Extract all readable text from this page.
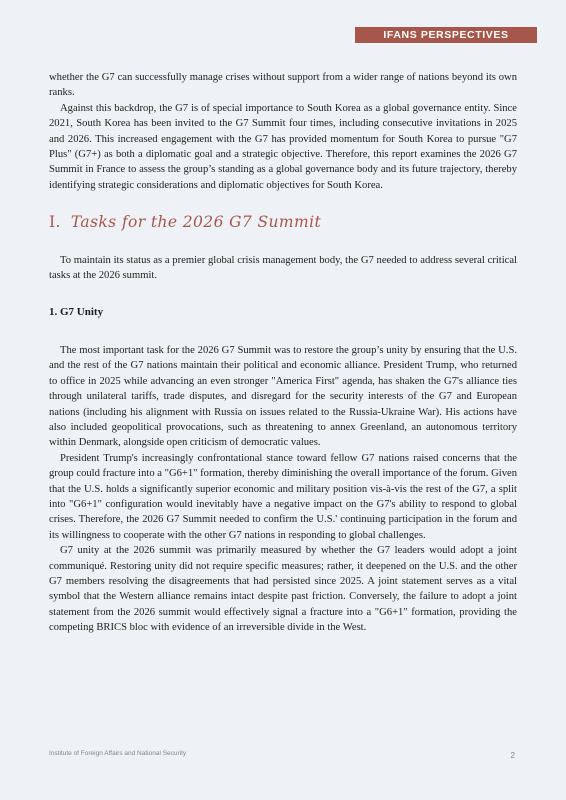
IFANS PERSPECTIVES

whether the G7 can successfully manage crises without support from a wider range of nations beyond its own ranks.

Against this backdrop, the G7 is of special importance to South Korea as a global governance entity. Since 2021, South Korea has been invited to the G7 Summit four times, including consecutive invitations in 2025 and 2026. This increased engagement with the G7 has provided momentum for South Korea to pursue "G7 Plus" (G7+) as both a diplomatic goal and a strategic objective. Therefore, this report examines the 2026 G7 Summit in France to assess the group’s standing as a global governance body and its future trajectory, thereby identifying strategic considerations and diplomatic objectives for South Korea.

Ⅰ. Tasks for the 2026 G7 Summit

To maintain its status as a premier global crisis management body, the G7 needed to address several critical tasks at the 2026 summit.

1. G7 Unity

The most important task for the 2026 G7 Summit was to restore the group’s unity by ensuring that the U.S. and the rest of the G7 nations maintain their political and economic alliance. President Trump, who returned to office in 2025 while advancing an even stronger "America First" agenda, has shaken the G7's alliance ties through unilateral tariffs, trade disputes, and disregard for the security interests of the G7 and European nations (including his alignment with Russia on issues related to the Russia-Ukraine War). His actions have also included geopolitical provocations, such as threatening to annex Greenland, an autonomous territory within Denmark, alongside open criticism of democratic values.

President Trump's increasingly confrontational stance toward fellow G7 nations raised concerns that the group could fracture into a "G6+1" formation, thereby diminishing the overall importance of the forum. Given that the U.S. holds a significantly superior economic and military position vis-à-vis the rest of the G7, a split into "G6+1" configuration would inevitably have a negative impact on the G7's ability to respond to global crises. Therefore, the 2026 G7 Summit needed to confirm the U.S.' continuing participation in the forum and its willingness to cooperate with the other G7 nations in responding to global challenges.

G7 unity at the 2026 summit was primarily measured by whether the G7 leaders would adopt a joint communiqué. Restoring unity did not require specific measures; rather, it deepened on the U.S. and the other G7 members resolving the disagreements that had persisted since 2025. A joint statement serves as a vital symbol that the Western alliance remains intact despite past friction. Conversely, the failure to adopt a joint statement from the 2026 summit would effectively signal a fracture into a "G6+1" formation, providing the competing BRICS bloc with evidence of an irreversible divide in the West.

Institute of Foreign Affairs and National Security	2
